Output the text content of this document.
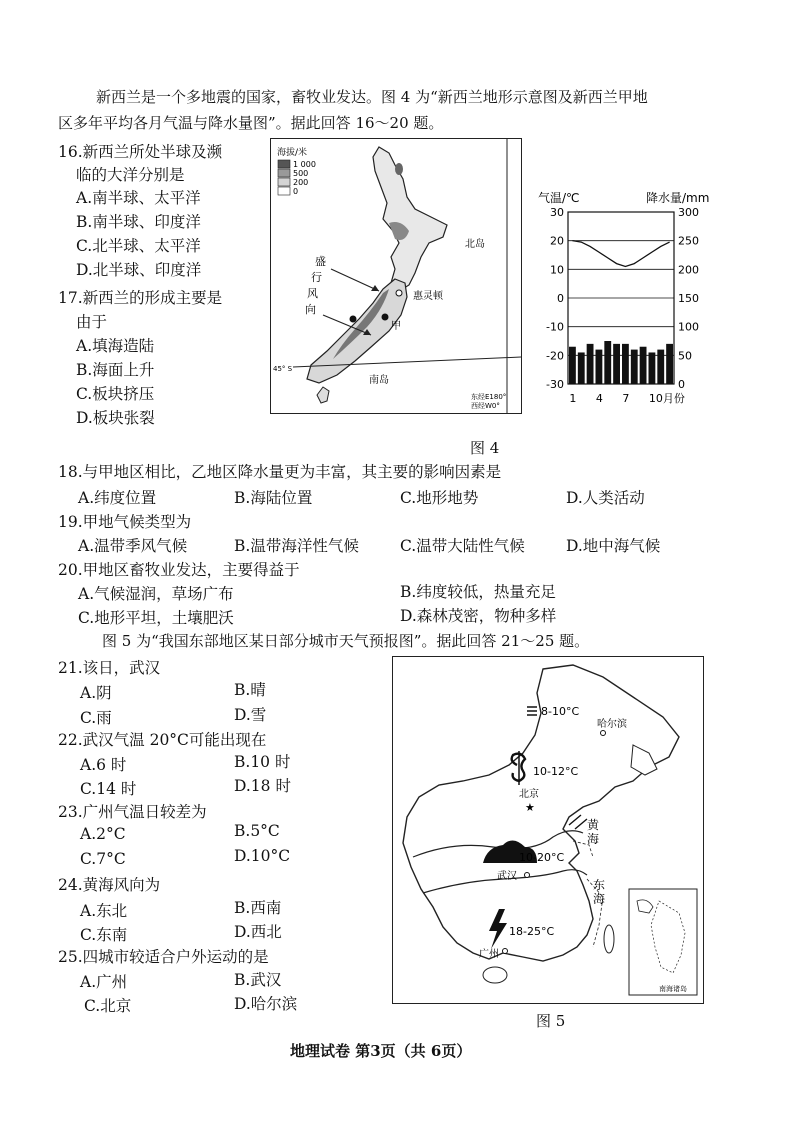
新西兰是一个多地震的国家，畜牧业发达。图 4 为“新西兰地形示意图及新西兰甲地
区多年平均各月气温与降水量图”。据此回答 16～20 题。
16.新西兰所处半球及濒
临的大洋分别是
A.南半球、太平洋
B.南半球、印度洋
C.北半球、太平洋
D.北半球、印度洋
17.新西兰的形成主要是
由于
A.填海造陆
B.海面上升
C.板块挤压
D.板块张裂
海拔/米
1 000
500
200
0
盛
行
风
向
甲
惠灵顿
北岛
南岛
45° S
东经E180°
西经W0°
气温/℃	降水量/mm
30	300
20	250
10	200
0	150
-10	100
-20	50
-30	0
1 4 7 10月份
图 4
18.与甲地区相比，乙地区降水量更为丰富，其主要的影响因素是
A.纬度位置	B.海陆位置	C.地形地势	D.人类活动
19.甲地气候类型为
A.温带季风气候	B.温带海洋性气候	C.温带大陆性气候	D.地中海气候
20.甲地区畜牧业发达，主要得益于
A.气候湿润，草场广布	B.纬度较低，热量充足
C.地形平坦，土壤肥沃	D.森林茂密，物种多样
图 5 为“我国东部地区某日部分城市天气预报图”。据此回答 21～25 题。
21.该日，武汉
A.阴	B.晴
C.雨	D.雪
22.武汉气温 20°C可能出现在
A.6 时	B.10 时
C.14 时	D.18 时
23.广州气温日较差为
A.2°C	B.5°C
C.7°C	D.10°C
24.黄海风向为
A.东北	B.西南
C.东南	D.西北
25.四城市较适合户外运动的是
A.广州	B.武汉
C.北京	D.哈尔滨
8-10°C
哈尔滨
10-12°C
北京
★
10-20°C
武汉
18-25°C
广州
黄
海
东
海
南海诸岛
图 5
地理试卷 第3页（共 6页）
